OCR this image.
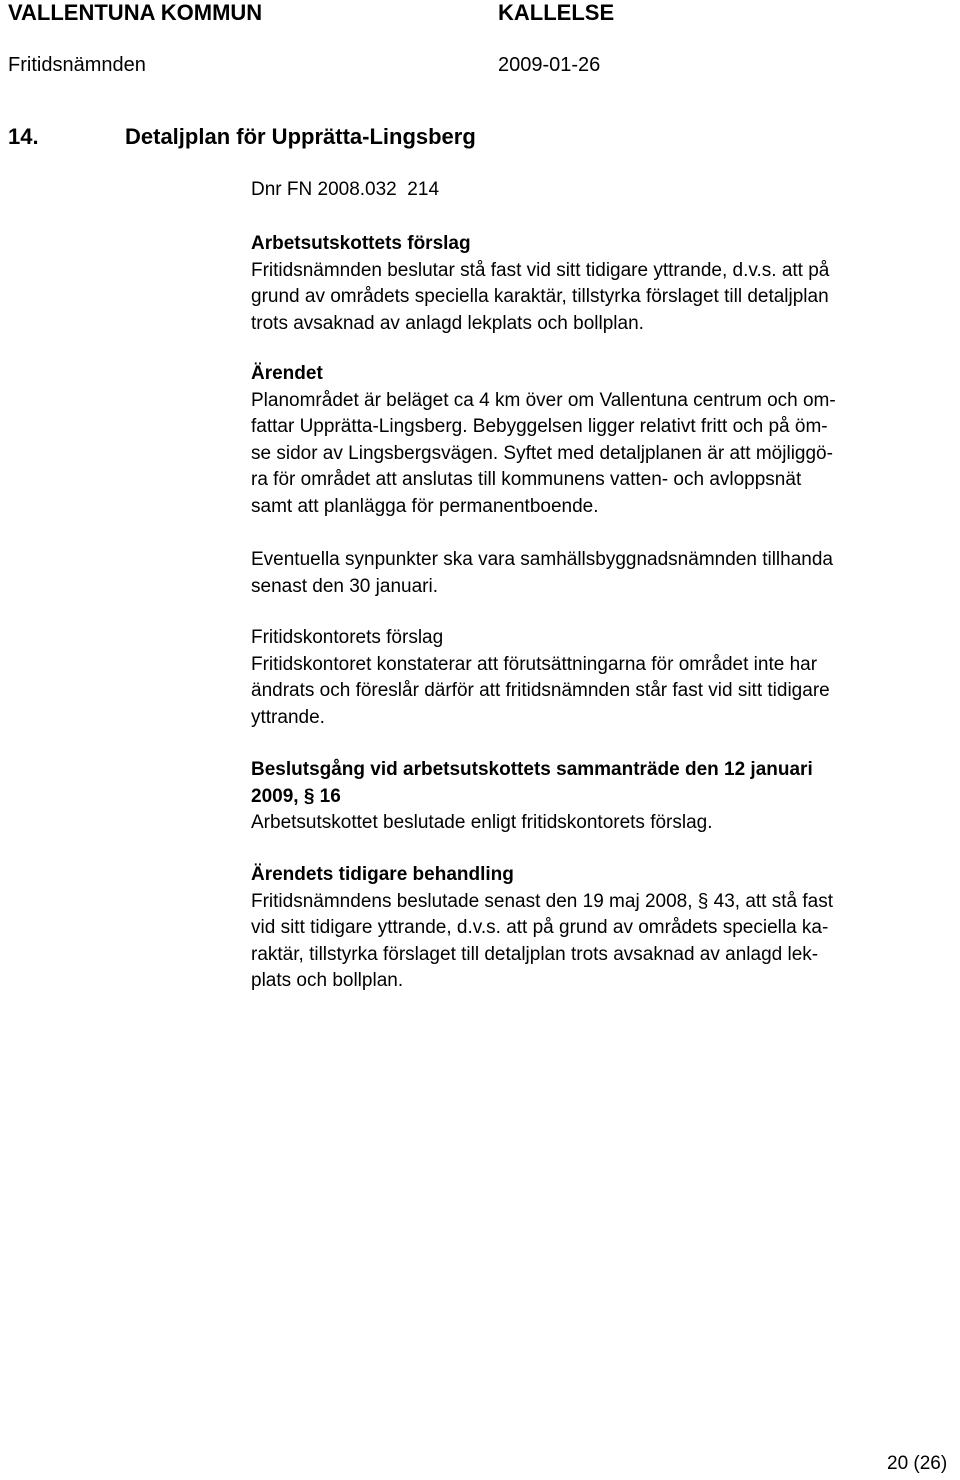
VALLENTUNA KOMMUN	KALLELSE
Fritidsnämnden	2009-01-26
14.	Detaljplan för Upprätta-Lingsberg
Dnr FN 2008.032  214
Arbetsutskottets förslag
Fritidsnämnden beslutar stå fast vid sitt tidigare yttrande, d.v.s. att på
grund av områdets speciella karaktär, tillstyrka förslaget till detaljplan
trots avsaknad av anlagd lekplats och bollplan.
Ärendet
Planområdet är beläget ca 4 km över om Vallentuna centrum och om-
fattar Upprätta-Lingsberg. Bebyggelsen ligger relativt fritt och på öm-
se sidor av Lingsbergsvägen. Syftet med detaljplanen är att möjliggö-
ra för området att anslutas till kommunens vatten- och avloppsnät
samt att planlägga för permanentboende.
Eventuella synpunkter ska vara samhällsbyggnadsnämnden tillhanda
senast den 30 januari.
Fritidskontorets förslag
Fritidskontoret konstaterar att förutsättningarna för området inte har
ändrats och föreslår därför att fritidsnämnden står fast vid sitt tidigare
yttrande.
Beslutsgång vid arbetsutskottets sammanträde den 12 januari
2009, § 16
Arbetsutskottet beslutade enligt fritidskontorets förslag.
Ärendets tidigare behandling
Fritidsnämndens beslutade senast den 19 maj 2008, § 43, att stå fast
vid sitt tidigare yttrande, d.v.s. att på grund av områdets speciella ka-
raktär, tillstyrka förslaget till detaljplan trots avsaknad av anlagd lek-
plats och bollplan.
20 (26)
